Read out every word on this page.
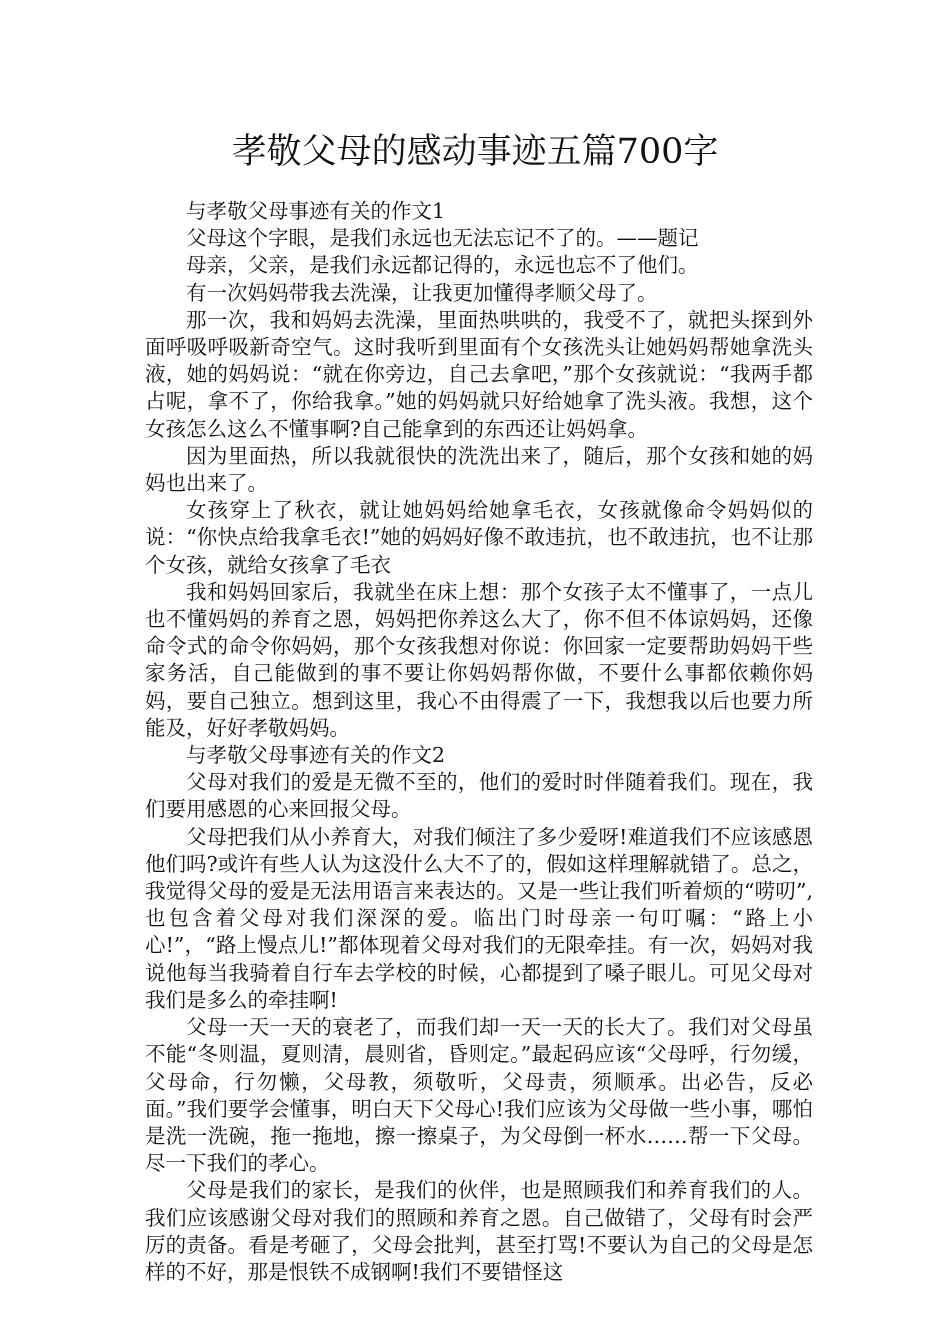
孝敬父母的感动事迹五篇700字

与孝敬父母事迹有关的作文1

父母这个字眼，是我们永远也无法忘记不了的。——题记

母亲，父亲，是我们永远都记得的，永远也忘不了他们。

有一次妈妈带我去洗澡，让我更加懂得孝顺父母了。

那一次，我和妈妈去洗澡，里面热哄哄的，我受不了，就把头探到外面呼吸呼吸新奇空气。这时我听到里面有个女孩洗头让她妈妈帮她拿洗头液，她的妈妈说：“就在你旁边，自己去拿吧，”那个女孩就说：“我两手都占呢，拿不了，你给我拿。”她的妈妈就只好给她拿了洗头液。我想，这个女孩怎么这么不懂事啊?自己能拿到的东西还让妈妈拿。

因为里面热，所以我就很快的洗洗出来了，随后，那个女孩和她的妈妈也出来了。

女孩穿上了秋衣，就让她妈妈给她拿毛衣，女孩就像命令妈妈似的说：“你快点给我拿毛衣!”她的妈妈好像不敢违抗，也不敢违抗，也不让那个女孩，就给女孩拿了毛衣

我和妈妈回家后，我就坐在床上想：那个女孩子太不懂事了，一点儿也不懂妈妈的养育之恩，妈妈把你养这么大了，你不但不体谅妈妈，还像命令式的命令你妈妈，那个女孩我想对你说：你回家一定要帮助妈妈干些家务活，自己能做到的事不要让你妈妈帮你做，不要什么事都依赖你妈妈，要自己独立。想到这里，我心不由得震了一下，我想我以后也要力所能及，好好孝敬妈妈。

与孝敬父母事迹有关的作文2

父母对我们的爱是无微不至的，他们的爱时时伴随着我们。现在，我们要用感恩的心来回报父母。

父母把我们从小养育大，对我们倾注了多少爱呀!难道我们不应该感恩他们吗?或许有些人认为这没什么大不了的，假如这样理解就错了。总之，我觉得父母的爱是无法用语言来表达的。又是一些让我们听着烦的“唠叨”,也包含着父母对我们深深的爱。临出门时母亲一句叮嘱：“路上小心!”，“路上慢点儿!”都体现着父母对我们的无限牵挂。有一次，妈妈对我说他每当我骑着自行车去学校的时候，心都提到了嗓子眼儿。可见父母对我们是多么的牵挂啊!

父母一天一天的衰老了，而我们却一天一天的长大了。我们对父母虽不能“冬则温，夏则清，晨则省，昏则定。”最起码应该“父母呼，行勿缓，父母命，行勿懒，父母教，须敬听，父母责，须顺承。出必告，反必面。”我们要学会懂事，明白天下父母心!我们应该为父母做一些小事，哪怕是洗一洗碗，拖一拖地，擦一擦桌子，为父母倒一杯水……帮一下父母。尽一下我们的孝心。

父母是我们的家长，是我们的伙伴，也是照顾我们和养育我们的人。我们应该感谢父母对我们的照顾和养育之恩。自己做错了，父母有时会严厉的责备。看是考砸了，父母会批判，甚至打骂!不要认为自己的父母是怎样的不好，那是恨铁不成钢啊!我们不要错怪这
